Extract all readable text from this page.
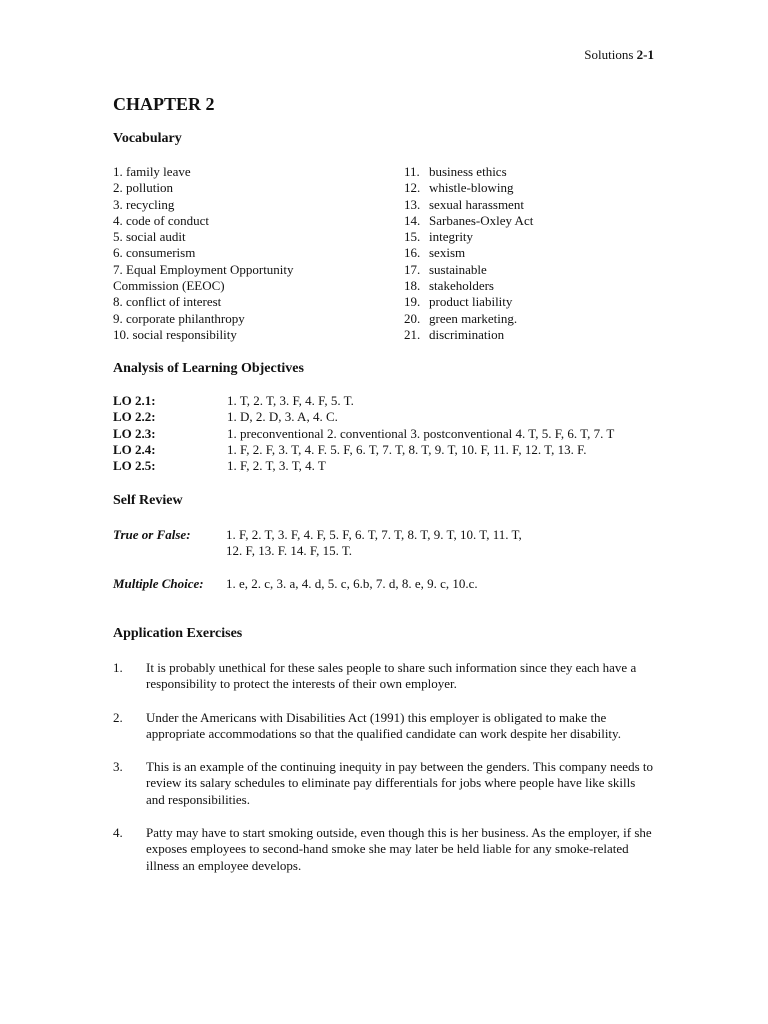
Solutions 2-1
CHAPTER 2
Vocabulary
1. family leave
2. pollution
3. recycling
4. code of conduct
5. social audit
6. consumerism
7. Equal Employment Opportunity
Commission (EEOC)
8. conflict of interest
9. corporate philanthropy
10. social responsibility
11. business ethics
12. whistle-blowing
13. sexual harassment
14. Sarbanes-Oxley Act
15. integrity
16. sexism
17. sustainable
18. stakeholders
19. product liability
20. green marketing.
21. discrimination
Analysis of Learning Objectives
LO 2.1:	1. T, 2. T, 3. F, 4. F, 5. T.
LO 2.2:	1. D, 2. D, 3. A, 4. C.
LO 2.3:	1. preconventional 2. conventional 3. postconventional 4. T, 5. F, 6. T, 7. T
LO 2.4:	1. F, 2. F, 3. T, 4. F. 5. F, 6. T, 7. T, 8. T, 9. T, 10. F, 11. F, 12. T, 13. F.
LO 2.5:	1. F, 2. T, 3. T, 4. T
Self Review
True or False:	1. F, 2. T, 3. F, 4. F, 5. F, 6. T, 7. T, 8. T, 9. T, 10. T, 11. T,
12. F, 13. F. 14. F, 15. T.
Multiple Choice:	1. e, 2. c, 3. a, 4. d, 5. c, 6.b, 7. d, 8. e, 9. c, 10.c.
Application Exercises
1.	It is probably unethical for these sales people to share such information since they each have a responsibility to protect the interests of their own employer.
2.	Under the Americans with Disabilities Act (1991) this employer is obligated to make the appropriate accommodations so that the qualified candidate can work despite her disability.
3.	This is an example of the continuing inequity in pay between the genders. This company needs to review its salary schedules to eliminate pay differentials for jobs where people have like skills and responsibilities.
4.	Patty may have to start smoking outside, even though this is her business. As the employer, if she exposes employees to second-hand smoke she may later be held liable for any smoke-related illness an employee develops.
